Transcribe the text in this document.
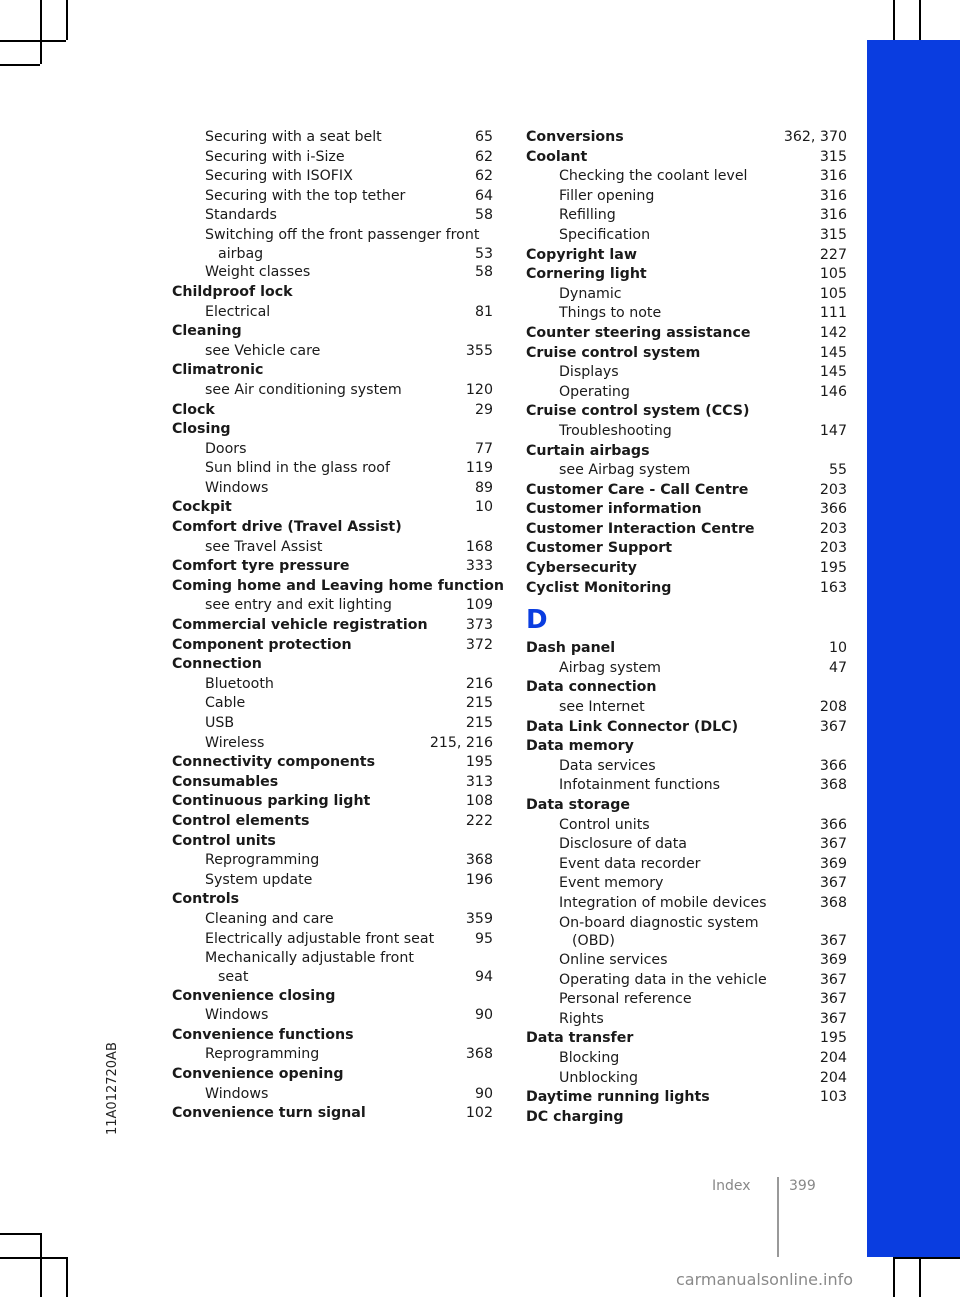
11A012720AB
Securing with a seat belt	65
Securing with i-Size	62
Securing with ISOFIX	62
Securing with the top tether	64
Standards	58
Switching off the front passenger front
airbag	53
Weight classes	58
Childproof lock
Electrical	81
Cleaning
see Vehicle care	355
Climatronic
see Air conditioning system	120
Clock	29
Closing
Doors	77
Sun blind in the glass roof	119
Windows	89
Cockpit	10
Comfort drive (Travel Assist)
see Travel Assist	168
Comfort tyre pressure	333
Coming home and Leaving home function
see entry and exit lighting	109
Commercial vehicle registration	373
Component protection	372
Connection
Bluetooth	216
Cable	215
USB	215
Wireless	215, 216
Connectivity components	195
Consumables	313
Continuous parking light	108
Control elements	222
Control units
Reprogramming	368
System update	196
Controls
Cleaning and care	359
Electrically adjustable front seat	95
Mechanically adjustable front
seat	94
Convenience closing
Windows	90
Convenience functions
Reprogramming	368
Convenience opening
Windows	90
Convenience turn signal	102
Conversions	362, 370
Coolant	315
Checking the coolant level	316
Filler opening	316
Refilling	316
Specification	315
Copyright law	227
Cornering light	105
Dynamic	105
Things to note	111
Counter steering assistance	142
Cruise control system	145
Displays	145
Operating	146
Cruise control system (CCS)
Troubleshooting	147
Curtain airbags
see Airbag system	55
Customer Care - Call Centre	203
Customer information	366
Customer Interaction Centre	203
Customer Support	203
Cybersecurity	195
Cyclist Monitoring	163
D
Dash panel	10
Airbag system	47
Data connection
see Internet	208
Data Link Connector (DLC)	367
Data memory
Data services	366
Infotainment functions	368
Data storage
Control units	366
Disclosure of data	367
Event data recorder	369
Event memory	367
Integration of mobile devices	368
On-board diagnostic system
(OBD)	367
Online services	369
Operating data in the vehicle	367
Personal reference	367
Rights	367
Data transfer	195
Blocking	204
Unblocking	204
Daytime running lights	103
DC charging
Index	399
carmanualsonline.info
